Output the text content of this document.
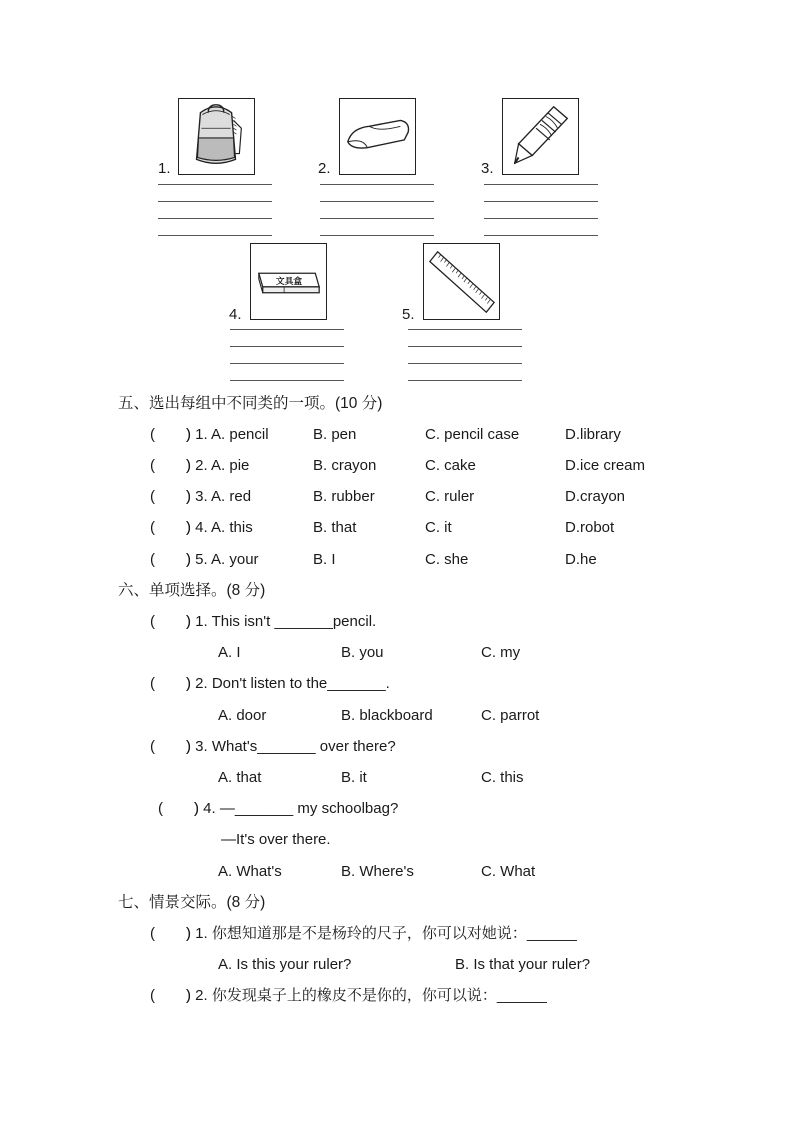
1.	2.	3.
文具盒
4.	5.
五、选出每组中不同类的一项。(10 分)
( )
) 1. A. pencil	B. pen	C. pencil case	D.library
( )
) 2. A. pie	B. crayon	C. cake	D.ice cream
( )
) 3. A. red	B. rubber	C. ruler	D.crayon
( )
) 4. A. this	B. that	C. it	D.robot
( )
) 5. A. your	B. I	C. she	D.he
六、单项选择。(8 分)
( )
) 1. This isn't _______pencil.
A. I	B. you	C. my
( )
) 2. Don't listen to the_______.
A. door	B. blackboard	C. parrot
( )
) 3. What's_______ over there?
A. that	B. it	C. this
( )
) 4. —_______ my schoolbag?
—It's over there.
A. What's	B. Where's	C. What
七、情景交际。(8 分)
( )
) 1. 你想知道那是不是杨玲的尺子，你可以对她说：______
A. Is this your ruler?	B. Is that your ruler?
( )
) 2. 你发现桌子上的橡皮不是你的，你可以说：______
